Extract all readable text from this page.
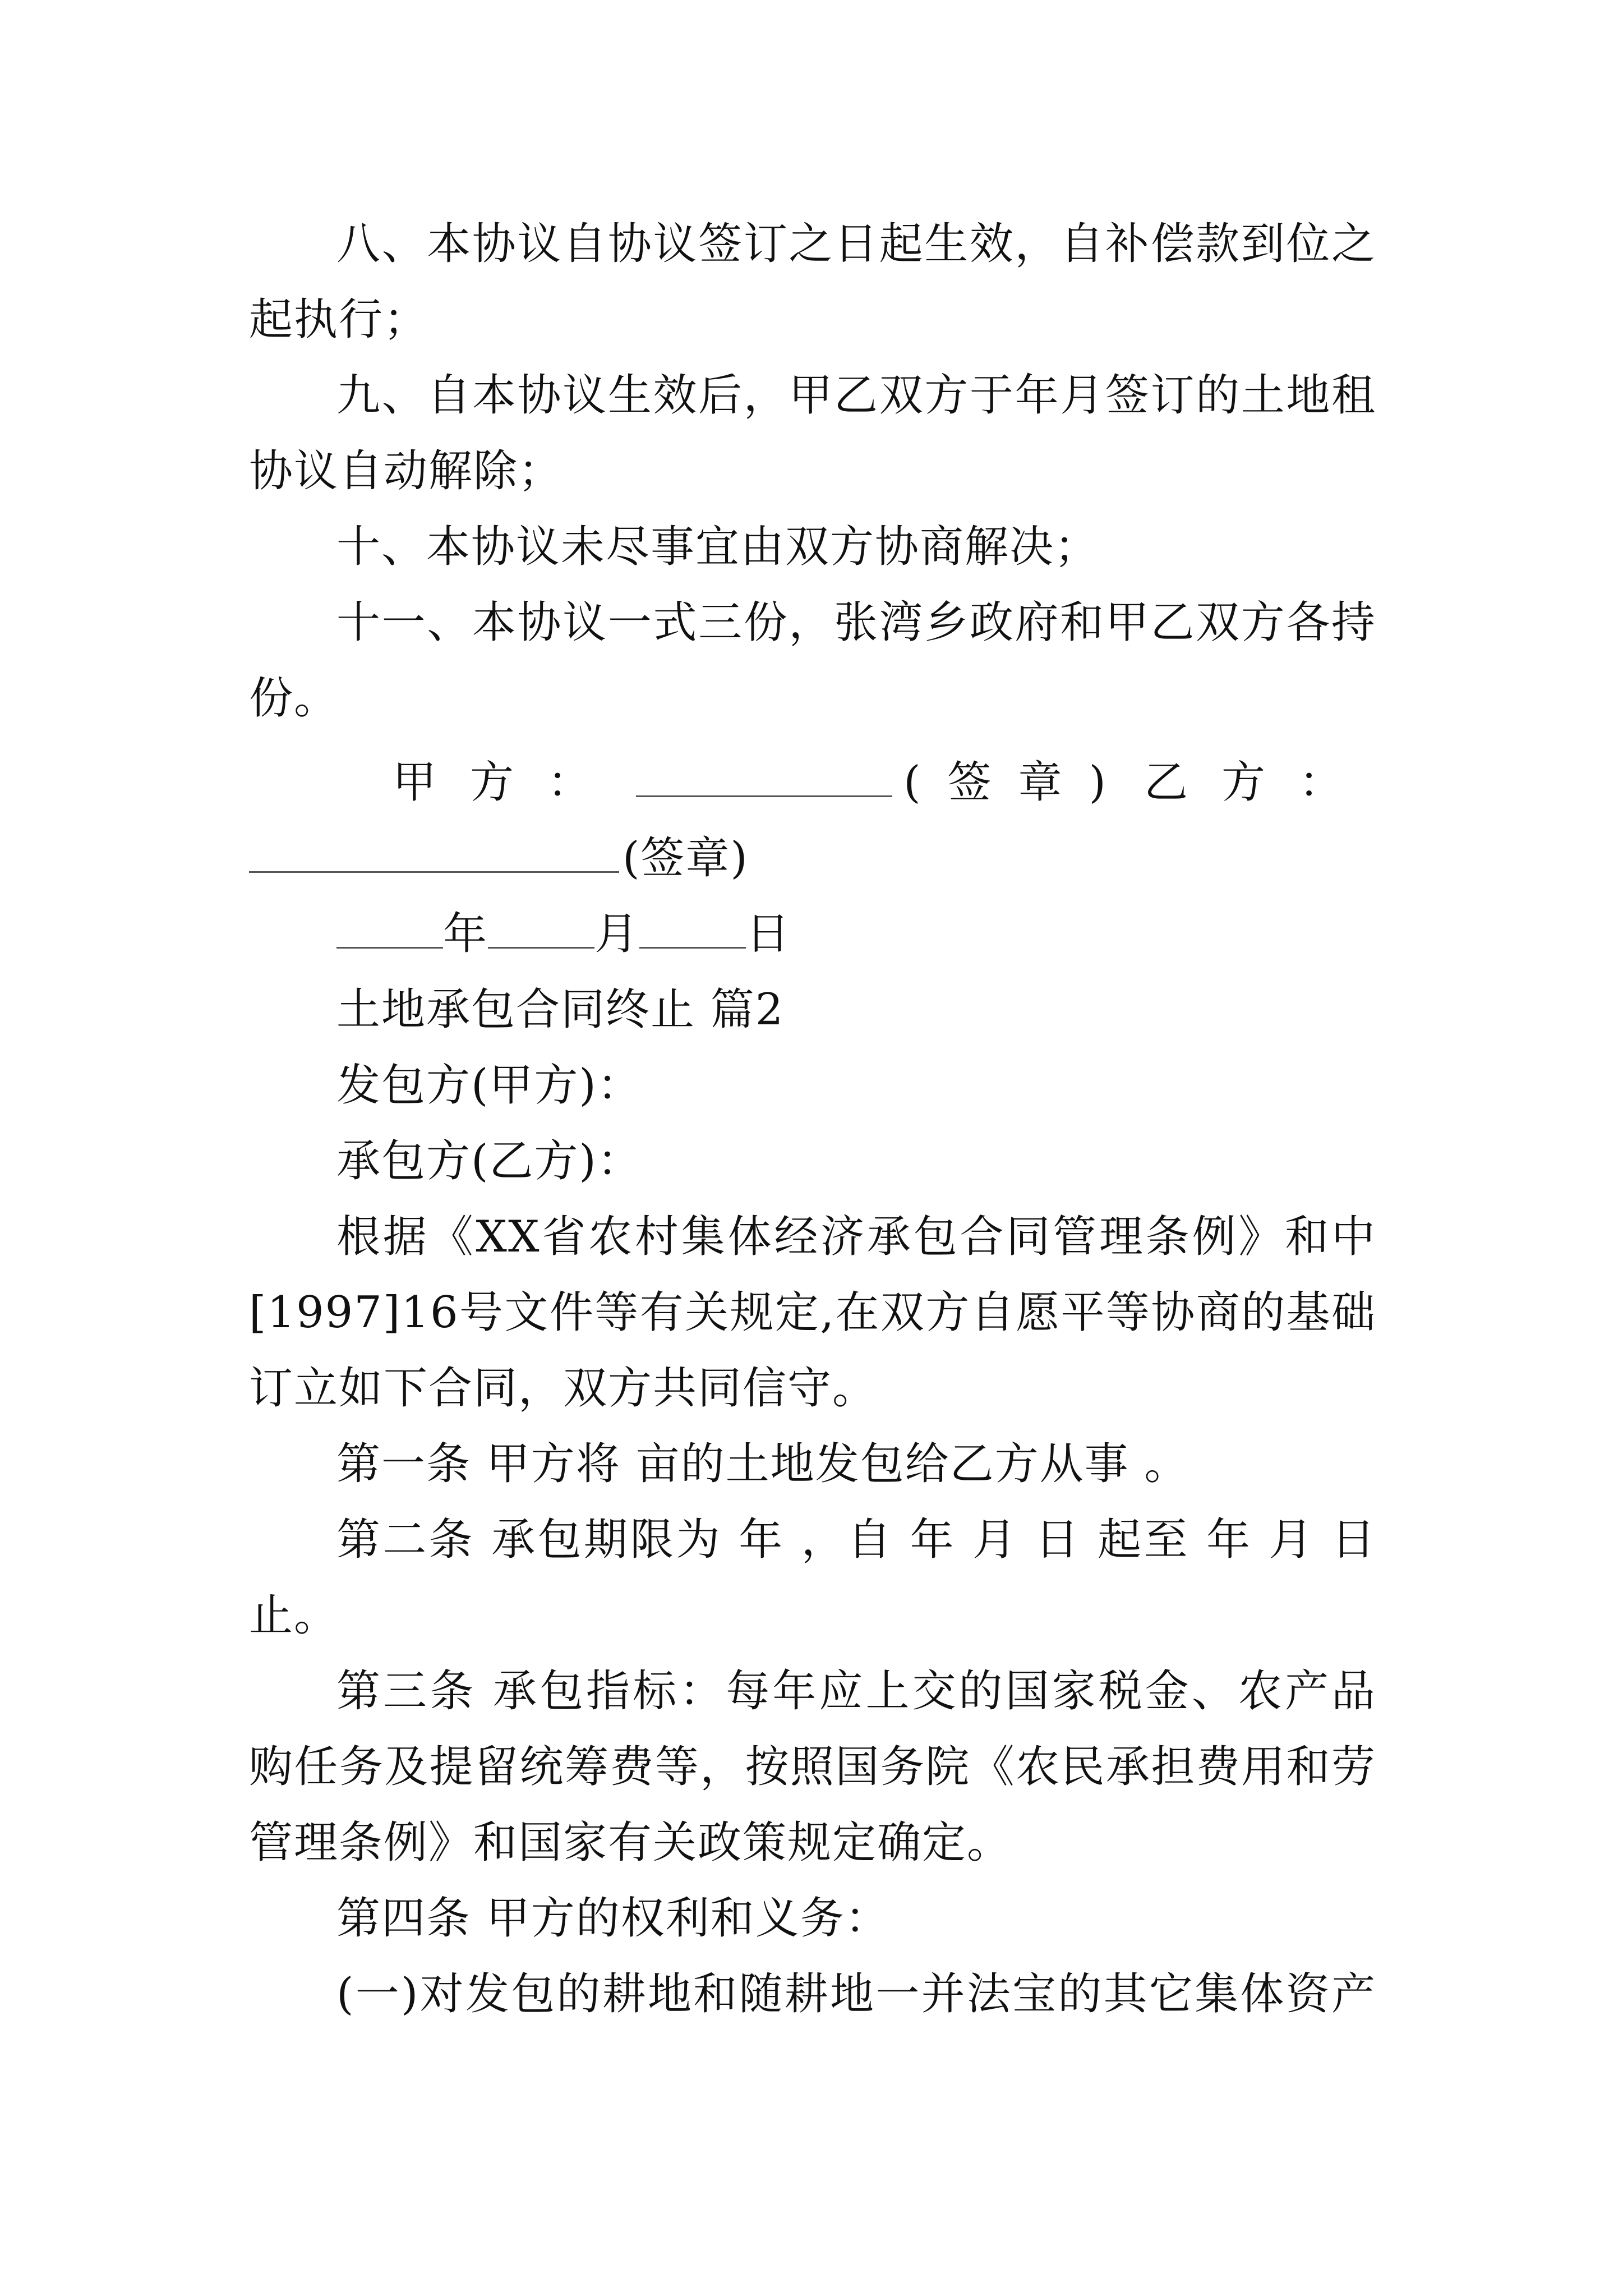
八、本协议自协议签订之日起生效，自补偿款到位之
起执行；
九、自本协议生效后，甲乙双方于年月签订的土地租
协议自动解除；
十、本协议未尽事宜由双方协商解决；
十一、本协议一式三份，张湾乡政府和甲乙双方各持
份。
甲方：	(签章) 乙方：
(签章)
年 月 日
土地承包合同终止 篇2
发包方(甲方)：
承包方(乙方)：
根据《XX省农村集体经济承包合同管理条例》和中
[1997]16号文件等有关规定,在双方自愿平等协商的基础
订立如下合同，双方共同信守。
第一条 甲方将 亩的土地发包给乙方从事 。
第二条 承包期限为 年 ，自 年 月 日 起至 年 月 日
止。
第三条 承包指标：每年应上交的国家税金、农产品
购任务及提留统筹费等，按照国务院《农民承担费用和劳
管理条例》和国家有关政策规定确定。
第四条 甲方的权利和义务：
(一)对发包的耕地和随耕地一并法宝的其它集体资产
